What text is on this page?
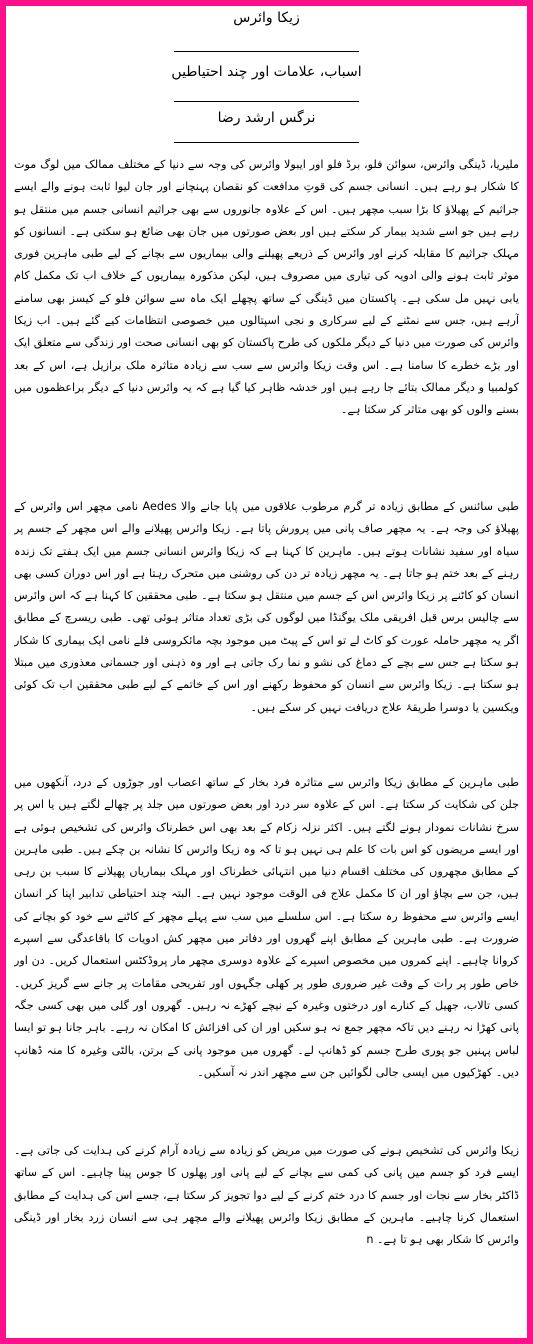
زیکا وائرس
اسباب، علامات اور چند احتیاطیں
نرگس ارشد رضا

ملیریا، ڈینگی وائرس، سوائن فلو، برڈ فلو اور ایبولا وائرس کی وجہ سے دنیا کے مختلف ممالک میں لوگ موت کا شکار ہو رہے ہیں۔ انسانی جسم کی قوتِ مدافعت کو نقصان پہنچانے اور جان لیوا ثابت ہونے والے ایسے جراثیم کے پھیلاؤ کا بڑا سبب مچھر ہیں۔ اس کے علاوہ جانوروں سے بھی جراثیم انسانی جسم میں منتقل ہو رہے ہیں جو اسے شدید بیمار کر سکتے ہیں اور بعض صورتوں میں جان بھی ضائع ہو سکتی ہے۔ انسانوں کو مہلک جراثیم کا مقابلہ کرنے اور وائرس کے ذریعے پھیلنے والی بیماریوں سے بچانے کے لیے طبی ماہرین فوری موثر ثابت ہونے والی ادویہ کی تیاری میں مصروف ہیں، لیکن مذکورہ بیماریوں کے خلاف اب تک مکمل کام یابی نہیں مل سکی ہے۔ پاکستان میں ڈینگی کے ساتھ پچھلے ایک ماہ سے سوائن فلو کے کیسز بھی سامنے آرہے ہیں، جس سے نمٹنے کے لیے سرکاری و نجی اسپتالوں میں خصوصی انتظامات کیے گئے ہیں۔ اب زیکا وائرس کی صورت میں دنیا کے دیگر ملکوں کی طرح پاکستان کو بھی انسانی صحت اور زندگی سے متعلق ایک اور بڑے خطرے کا سامنا ہے۔ اس وقت زیکا وائرس سے سب سے زیادہ متاثرہ ملک برازیل ہے، اس کے بعد کولمبیا و دیگر ممالک بتائے جا رہے ہیں اور خدشہ ظاہر کیا گیا ہے کہ یہ وائرس دنیا کے دیگر براعظموں میں بسنے والوں کو بھی متاثر کر سکتا ہے۔

طبی سائنس کے مطابق زیادہ تر گرم مرطوب علاقوں میں پایا جانے والا Aedes نامی مچھر اس وائرس کے پھیلاؤ کی وجہ ہے۔ یہ مچھر صاف پانی میں پرورش پاتا ہے۔ زیکا وائرس پھیلانے والے اس مچھر کے جسم پر سیاہ اور سفید نشانات ہوتے ہیں۔ ماہرین کا کہنا ہے کہ زیکا وائرس انسانی جسم میں ایک ہفتے تک زندہ رہنے کے بعد ختم ہو جاتا ہے۔ یہ مچھر زیادہ تر دن کی روشنی میں متحرک رہتا ہے اور اس دوران کسی بھی انسان کو کاٹنے پر زیکا وائرس اس کے جسم میں منتقل ہو سکتا ہے۔ طبی محققین کا کہنا ہے کہ اس وائرس سے چالیس برس قبل افریقی ملک یوگنڈا میں لوگوں کی بڑی تعداد متاثر ہوئی تھی۔ طبی ریسرچ کے مطابق اگر یہ مچھر حاملہ عورت کو کاٹ لے تو اس کے پیٹ میں موجود بچہ مائکروسی فلے نامی ایک بیماری کا شکار ہو سکتا ہے جس سے بچے کے دماغ کی نشو و نما رک جاتی ہے اور وہ ذہنی اور جسمانی معذوری میں مبتلا ہو سکتا ہے۔ زیکا وائرس سے انسان کو محفوظ رکھنے اور اس کے خاتمے کے لیے طبی محققین اب تک کوئی ویکسین یا دوسرا طریقۂ علاج دریافت نہیں کر سکے ہیں۔

طبی ماہرین کے مطابق زیکا وائرس سے متاثرہ فرد بخار کے ساتھ اعصاب اور جوڑوں کے درد، آنکھوں میں جلن کی شکایت کر سکتا ہے۔ اس کے علاوہ سر درد اور بعض صورتوں میں جلد پر چھالے لگتے ہیں یا اس پر سرخ نشانات نمودار ہونے لگتے ہیں۔ اکثر نزلہ زکام کے بعد بھی اس خطرناک وائرس کی تشخیص ہوئی ہے اور ایسے مریضوں کو اس بات کا علم ہی نہیں ہو تا کہ وہ زیکا وائرس کا نشانہ بن چکے ہیں۔ طبی ماہرین کے مطابق مچھروں کی مختلف اقسام دنیا میں انتہائی خطرناک اور مہلک بیماریاں پھیلانے کا سبب بن رہی ہیں، جن سے بچاؤ اور ان کا مکمل علاج فی الوقت موجود نہیں ہے۔ البتہ چند احتیاطی تدابیر اپنا کر انسان ایسے وائرس سے محفوظ رہ سکتا ہے۔ اس سلسلے میں سب سے پہلے مچھر کے کاٹنے سے خود کو بچانے کی ضرورت ہے۔ طبی ماہرین کے مطابق اپنے گھروں اور دفاتر میں مچھر کش ادویات کا باقاعدگی سے اسپرے کروانا چاہیے۔ اپنے کمروں میں مخصوص اسپرے کے علاوہ دوسری مچھر مار پروڈکٹس استعمال کریں۔ دن اور خاص طور پر رات کے وقت غیر ضروری طور پر کھلی جگہوں اور تفریحی مقامات پر جانے سے گریز کریں۔ کسی تالاب، جھیل کے کنارے اور درختوں وغیرہ کے نیچے کھڑے نہ رہیں۔ گھروں اور گلی میں بھی کسی جگہ پانی کھڑا نہ رہنے دیں تاکہ مچھر جمع نہ ہو سکیں اور ان کی افزائش کا امکان نہ رہے۔ باہر جانا ہو تو ایسا لباس پہنیں جو پوری طرح جسم کو ڈھانپ لے۔ گھروں میں موجود پانی کے برتن، بالٹی وغیرہ کا منہ ڈھانپ دیں۔ کھڑکیوں میں ایسی جالی لگوائیں جن سے مچھر اندر نہ آسکیں۔

زیکا وائرس کی تشخیص ہونے کی صورت میں مریض کو زیادہ سے زیادہ آرام کرنے کی ہدایت کی جاتی ہے۔ ایسے فرد کو جسم میں پانی کی کمی سے بچانے کے لیے پانی اور پھلوں کا جوس پینا چاہیے۔ اس کے ساتھ ڈاکٹر بخار سے نجات اور جسم کا درد ختم کرنے کے لیے دوا تجویز کر سکتا ہے، جسے اس کی ہدایت کے مطابق استعمال کرنا چاہیے۔ ماہرین کے مطابق زیکا وائرس پھیلانے والے مچھر ہی سے انسان زرد بخار اور ڈینگی وائرس کا شکار بھی ہو تا ہے۔ n
